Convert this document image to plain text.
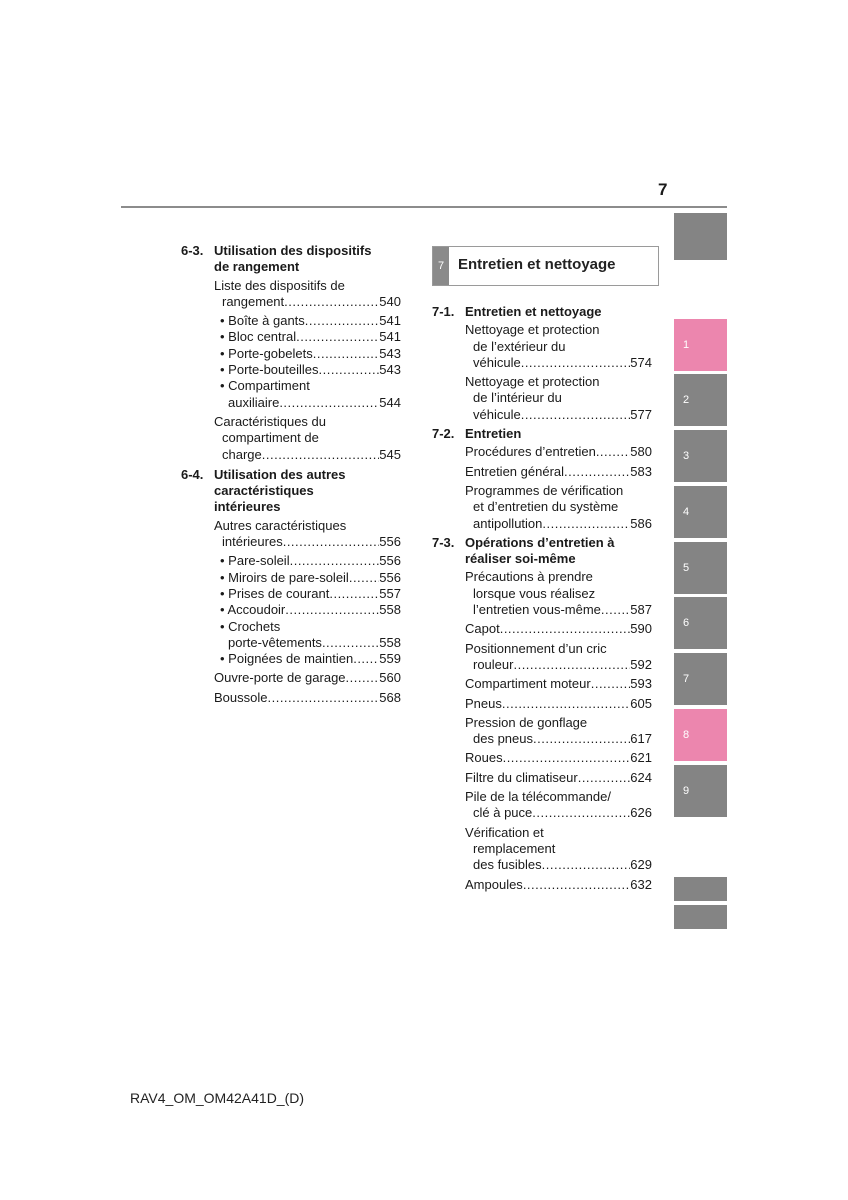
7
6-3. Utilisation des dispositifs
de rangement
Liste des dispositifs de
rangement .....	540
• Boîte à gants .....	541
• Bloc central .....	541
• Porte-gobelets .....	543
• Porte-bouteilles .....	543
• Compartiment
auxiliaire .....	544
Caractéristiques du
compartiment de
charge .....	545
6-4. Utilisation des autres
caractéristiques
intérieures
Autres caractéristiques
intérieures .....	556
• Pare-soleil .....	556
• Miroirs de pare-soleil ..... 556
• Prises de courant .....	557
• Accoudoir .....	558
• Crochets
porte-vêtements .....	558
• Poignées de maintien ..... 559
Ouvre-porte de garage .....	560
Boussole .....	568
7 Entretien et nettoyage
7-1. Entretien et nettoyage
Nettoyage et protection
de l’extérieur du
véhicule .....	574
Nettoyage et protection
de l’intérieur du
véhicule .....	577
7-2. Entretien
Procédures d’entretien .....	580
Entretien général .....	583
Programmes de vérification
et d’entretien du système
antipollution .....	586
7-3. Opérations d’entretien à
réaliser soi-même
Précautions à prendre
lorsque vous réalisez
l’entretien vous-même ..... 587
Capot .....	590
Positionnement d’un cric
rouleur .....	592
Compartiment moteur .....	593
Pneus .....	605
Pression de gonflage
des pneus .....	617
Roues .....	621
Filtre du climatiseur .....	624
Pile de la télécommande/
clé à puce .....	626
Vérification et
remplacement
des fusibles .....	629
Ampoules .....	632
1
2
3
4
5
6
7
8
9
RAV4_OM_OM42A41D_(D)
